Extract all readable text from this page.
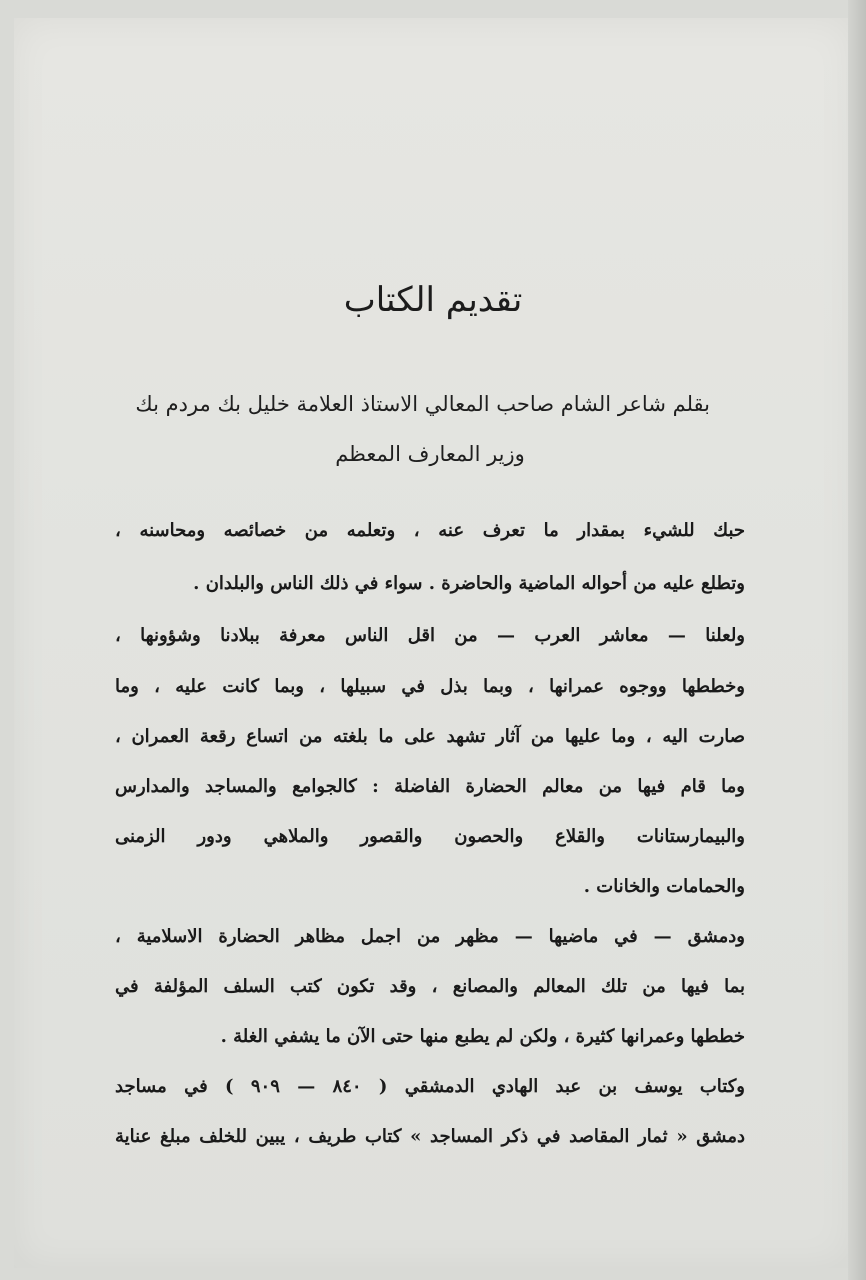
تقديم الكتاب
بقلم شاعر الشام صاحب المعالي الاستاذ العلامة خليل بك مردم بك
وزير المعارف المعظم
حبك للشيء بمقدار ما تعرف عنه ، وتعلمه من خصائصه ومحاسنه ،
وتطلع عليه من أحواله الماضية والحاضرة . سواء في ذلك الناس والبلدان .
ولعلنا — معاشر العرب — من اقل الناس معرفة ببلادنا وشؤونها ،
وخططها ووجوه عمرانها ، وبما بذل في سبيلها ، وبما كانت عليه ، وما
صارت اليه ، وما عليها من آثار تشهد على ما بلغته من اتساع رقعة العمران ،
وما قام فيها من معالم الحضارة الفاضلة : كالجوامع والمساجد والمدارس
والبيمارستانات والقلاع والحصون والقصور والملاهي ودور الزمنى
والحمامات والخانات .
ودمشق — في ماضيها — مظهر من اجمل مظاهر الحضارة الاسلامية ،
بما فيها من تلك المعالم والمصانع ، وقد تكون كتب السلف المؤلفة في
خططها وعمرانها كثيرة ، ولكن لم يطبع منها حتى الآن ما يشفي الغلة .
وكتاب يوسف بن عبد الهادي الدمشقي ( ٨٤٠ — ٩٠٩ ) في مساجد
دمشق « ثمار المقاصد في ذكر المساجد » كتاب طريف ، يبين للخلف مبلغ عناية
